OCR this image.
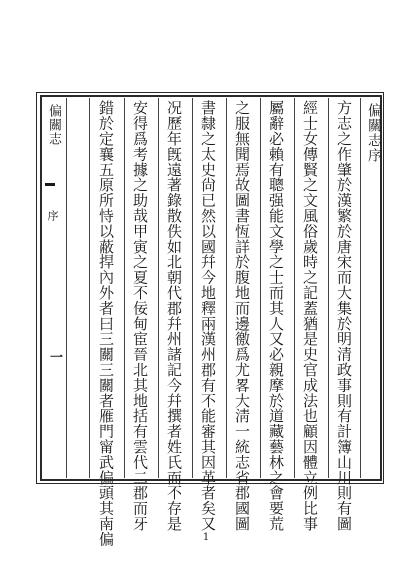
偏關志
序
一
偏關志序
方志之作肇於漢繁於唐宋而大集於明清政事則有計簿山川則有圖
經士女傳賢之文風俗歲時之記蓋猶是史官成法也顧因體立例比事
屬辭必賴有聰强能文學之士而其人又必親摩於道藏藝林之會要荒
之服無聞焉故圖書恆詳於腹地而邊徼爲尤畧大淸一統志省郡國圖
書隸之太史尙已然以國幷今地釋兩漢州郡有不能審其因革者矣又
况歷年旣遠著錄散佚如北朝代郡幷州諸記今幷撰者姓氏而不存是
安得爲考據之助哉甲寅之夏不佞甸宦晉北其地括有雲代二郡而牙
錯於定襄五原所恃以蔽捍內外者曰三關三關者雁門甯武偏頭其南偏	1
